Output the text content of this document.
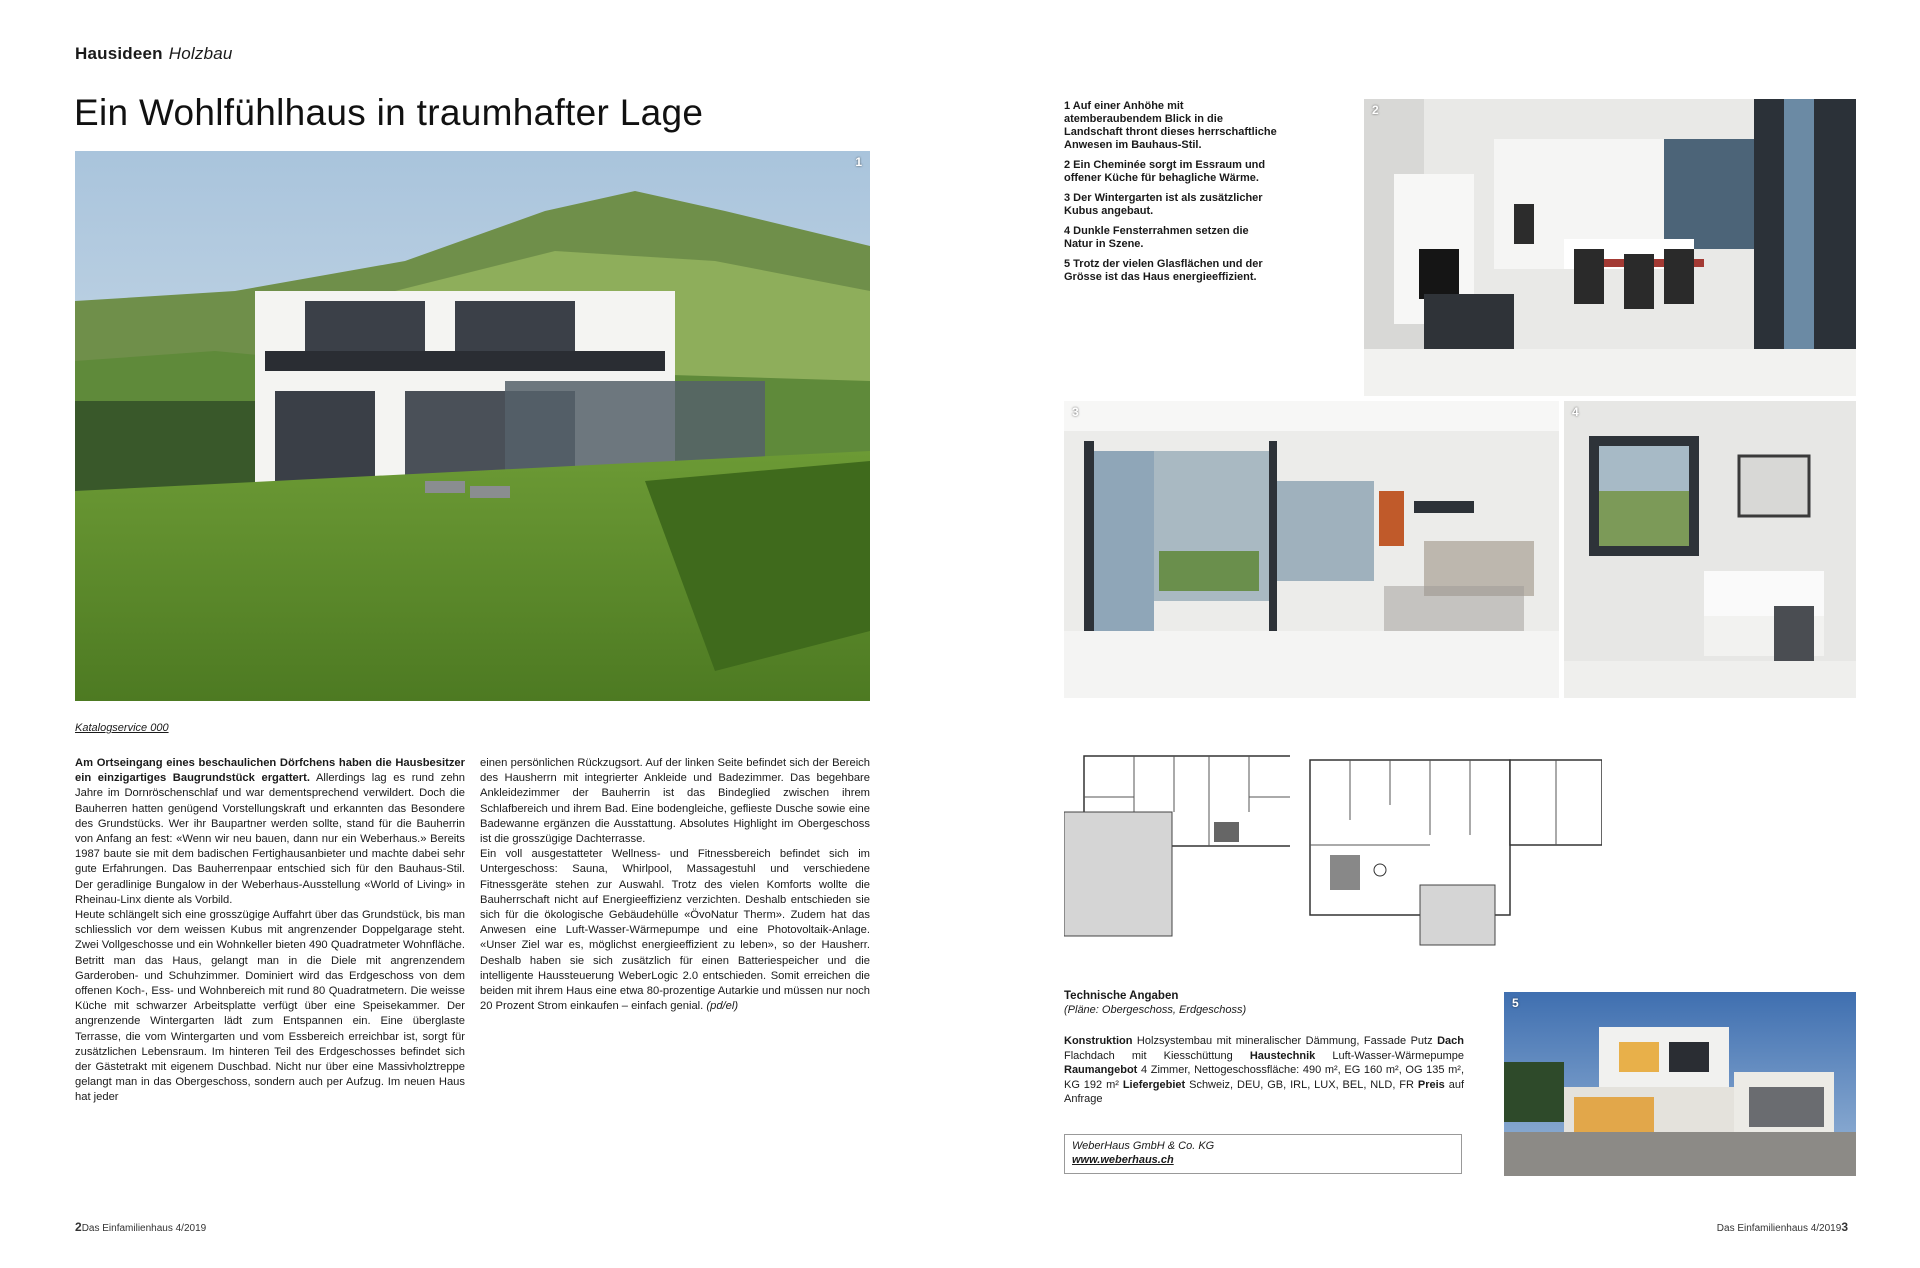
Hausideen Holzbau
Ein Wohlfühlhaus in traumhafter Lage
1
Katalogservice 000

Am Ortseingang eines beschaulichen Dörfchens haben die Hausbesitzer ein einzigartiges Baugrundstück ergattert. Allerdings lag es rund zehn Jahre im Dornröschenschlaf und war dementsprechend verwildert. Doch die Bauherren hatten genügend Vorstellungskraft und erkannten das Besondere des Grundstücks. Wer ihr Baupartner werden sollte, stand für die Bauherrin von Anfang an fest: «Wenn wir neu bauen, dann nur ein Weberhaus.» Bereits 1987 baute sie mit dem badischen Fertighausanbieter und machte dabei sehr gute Erfahrungen. Das Bauherrenpaar entschied sich für den Bauhaus-Stil. Der geradlinige Bungalow in der Weberhaus-Ausstellung «World of Living» in Rheinau-Linx diente als Vorbild.

Heute schlängelt sich eine grosszügige Auffahrt über das Grundstück, bis man schliesslich vor dem weissen Kubus mit angrenzender Doppelgarage steht. Zwei Vollgeschosse und ein Wohnkeller bieten 490 Quadratmeter Wohnfläche. Betritt man das Haus, gelangt man in die Diele mit angrenzendem Garderoben- und Schuhzimmer. Dominiert wird das Erdgeschoss von dem offenen Koch-, Ess- und Wohnbereich mit rund 80 Quadratmetern. Die weisse Küche mit schwarzer Arbeitsplatte verfügt über eine Speisekammer. Der angrenzende Wintergarten lädt zum Entspannen ein. Eine überglaste Terrasse, die vom Wintergarten und vom Essbereich erreichbar ist, sorgt für zusätzlichen Lebensraum. Im hinteren Teil des Erdgeschosses befindet sich der Gästetrakt mit eigenem Duschbad. Nicht nur über eine Massivholztreppe gelangt man in das Obergeschoss, sondern auch per Aufzug. Im neuen Haus hat jeder

einen persönlichen Rückzugsort. Auf der linken Seite befindet sich der Bereich des Hausherrn mit integrierter Ankleide und Badezimmer. Das begehbare Ankleidezimmer der Bauherrin ist das Bindeglied zwischen ihrem Schlafbereich und ihrem Bad. Eine bodengleiche, geflieste Dusche sowie eine Badewanne ergänzen die Ausstattung. Absolutes Highlight im Obergeschoss ist die grosszügige Dachterrasse.

Ein voll ausgestatteter Wellness- und Fitnessbereich befindet sich im Untergeschoss: Sauna, Whirlpool, Massagestuhl und verschiedene Fitnessgeräte stehen zur Auswahl. Trotz des vielen Komforts wollte die Bauherrschaft nicht auf Energieeffizienz verzichten. Deshalb entschieden sie sich für die ökologische Gebäudehülle «ÖvoNatur Therm». Zudem hat das Anwesen eine Luft-Wasser-Wärmepumpe und eine Photovoltaik-Anlage. «Unser Ziel war es, möglichst energieeffizient zu leben», so der Hausherr. Deshalb haben sie sich zusätzlich für einen Batteriespeicher und die intelligente Haussteuerung WeberLogic 2.0 entschieden. Somit erreichen die beiden mit ihrem Haus eine etwa 80-prozentige Autarkie und müssen nur noch 20 Prozent Strom einkaufen – einfach genial. (pd/el)

1 Auf einer Anhöhe mit atemberaubendem Blick in die Landschaft thront dieses herrschaftliche Anwesen im Bauhaus-Stil.
2 Ein Cheminée sorgt im Essraum und offener Küche für behagliche Wärme.
3 Der Wintergarten ist als zusätzlicher Kubus angebaut.
4 Dunkle Fensterrahmen setzen die Natur in Szene.
5 Trotz der vielen Glasflächen und der Grösse ist das Haus energieeffizient.
2
3	4
Technische Angaben
(Pläne: Obergeschoss, Erdgeschoss)
Konstruktion Holzsystembau mit mineralischer Dämmung, Fassade Putz Dach Flachdach mit Kiesschüttung Haustechnik Luft-Wasser-Wärmepumpe Raumangebot 4 Zimmer, Nettogeschossfläche: 490 m², EG 160 m², OG 135 m², KG 192 m² Liefergebiet Schweiz, DEU, GB, IRL, LUX, BEL, NLD, FR Preis auf Anfrage
WeberHaus GmbH & Co. KG
www.weberhaus.ch
5
2Das Einfamilienhaus 4/2019	Das Einfamilienhaus 4/20193
